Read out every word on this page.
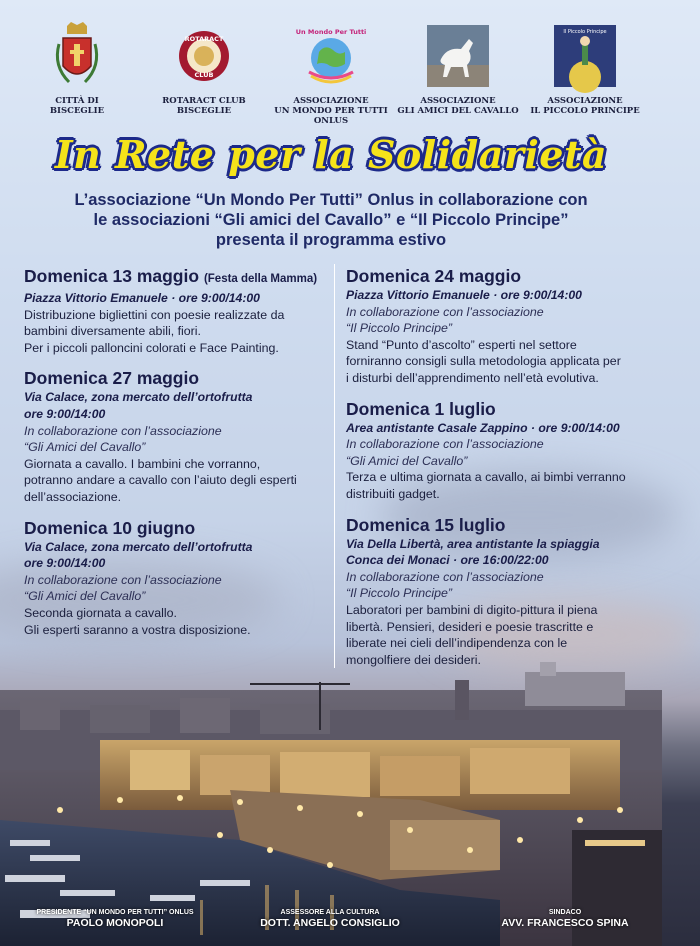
CITTÀ DI
BISCEGLIE
ROTARACT
CLUB
ROTARACT CLUB
BISCEGLIE
Un Mondo Per Tutti
ASSOCIAZIONE
UN MONDO PER TUTTI
ONLUS
ASSOCIAZIONE
GLI AMICI DEL CAVALLO
Il Piccolo Principe
ASSOCIAZIONE
IL PICCOLO PRINCIPE
In Rete per la Solidarietà
L’associazione “Un Mondo Per Tutti” Onlus in collaborazione con
le associazioni “Gli amici del Cavallo” e “Il Piccolo Principe”
presenta il programma estivo
Domenica 13 maggio (Festa della Mamma)
Piazza Vittorio Emanuele · ore 9:00/14:00
Distribuzione bigliettini con poesie realizzate da
bambini diversamente abili, fiori.
Per i piccoli palloncini colorati e Face Painting.
Domenica 27 maggio
Via Calace, zona mercato dell’ortofrutta
ore 9:00/14:00
In collaborazione con l’associazione
“Gli Amici del Cavallo”
Giornata a cavallo. I bambini che vorranno,
potranno andare a cavallo con l’aiuto degli esperti
dell’associazione.
Domenica 10 giugno
Via Calace, zona mercato dell’ortofrutta
ore 9:00/14:00
In collaborazione con l’associazione
“Gli Amici del Cavallo”
Seconda giornata a cavallo.
Gli esperti saranno a vostra disposizione.
Domenica 24 maggio
Piazza Vittorio Emanuele · ore 9:00/14:00
In collaborazione con l’associazione
“Il Piccolo Principe”
Stand “Punto d’ascolto” esperti nel settore
forniranno consigli sulla metodologia applicata per
i disturbi dell’apprendimento nell’età evolutiva.
Domenica 1 luglio
Area antistante Casale Zappino · ore 9:00/14:00
In collaborazione con l’associazione
“Gli Amici del Cavallo”
Terza e ultima giornata a cavallo, ai bimbi verranno
distribuiti gadget.
Domenica 15 luglio
Via Della Libertà, area antistante la spiaggia
Conca dei Monaci · ore 16:00/22:00
In collaborazione con l’associazione
“Il Piccolo Principe”
Laboratori per bambini di digito-pittura il piena
libertà. Pensieri, desideri e poesie trascritte e
liberate nei cieli dell’indipendenza con le
mongolfiere dei desideri.
PRESIDENTE “UN MONDO PER TUTTI” ONLUS
PAOLO MONOPOLI
ASSESSORE ALLA CULTURA
DOTT. ANGELO CONSIGLIO
SINDACO
AVV. FRANCESCO SPINA
